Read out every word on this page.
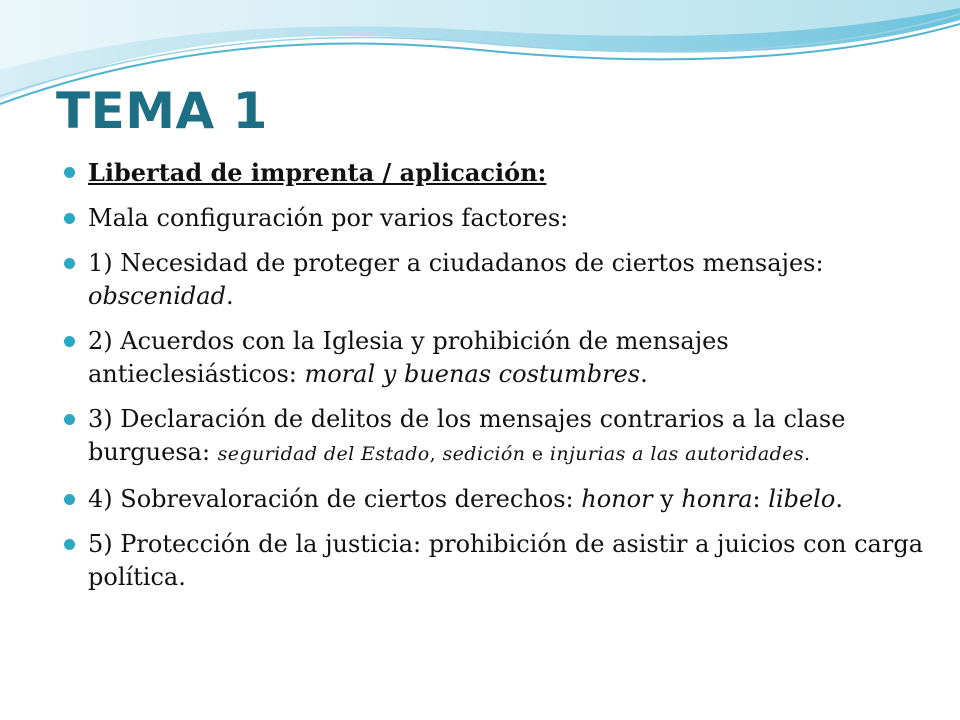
TEMA 1
Libertad de imprenta / aplicación:
Mala configuración por varios factores:
1) Necesidad de proteger a ciudadanos de ciertos mensajes: obscenidad.
2) Acuerdos con la Iglesia y prohibición de mensajes antieclesiásticos: moral y buenas costumbres.
3) Declaración de delitos de los mensajes contrarios a la clase burguesa: seguridad del Estado, sedición e injurias a las autoridades.
4) Sobrevaloración de ciertos derechos: honor y honra: libelo.
5) Protección de la justicia: prohibición de asistir a juicios con carga política.
